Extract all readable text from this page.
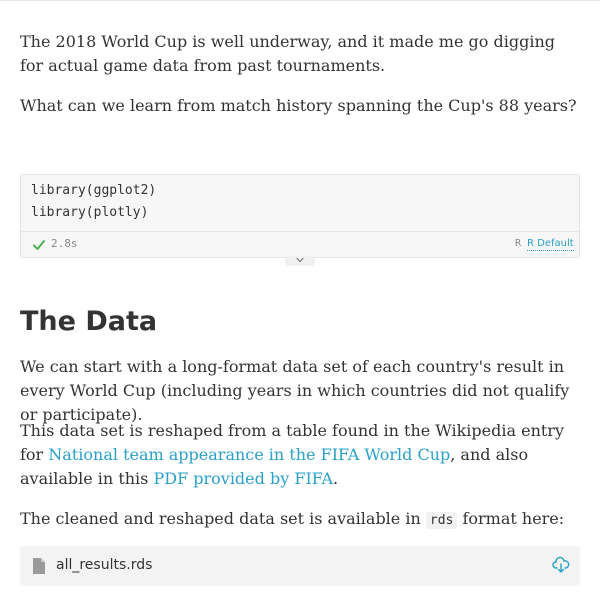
The 2018 World Cup is well underway, and it made me go digging for actual game data from past tournaments.

What can we learn from match history spanning the Cup's 88 years?

library(ggplot2)
library(plotly)
2.8s	R R Default
The Data

We can start with a long-format data set of each country's result in every World Cup (including years in which countries did not qualify or participate).

This data set is reshaped from a table found in the Wikipedia entry for National team appearance in the FIFA World Cup, and also available in this PDF provided by FIFA.

The cleaned and reshaped data set is available in rds format here:

all_results.rds
